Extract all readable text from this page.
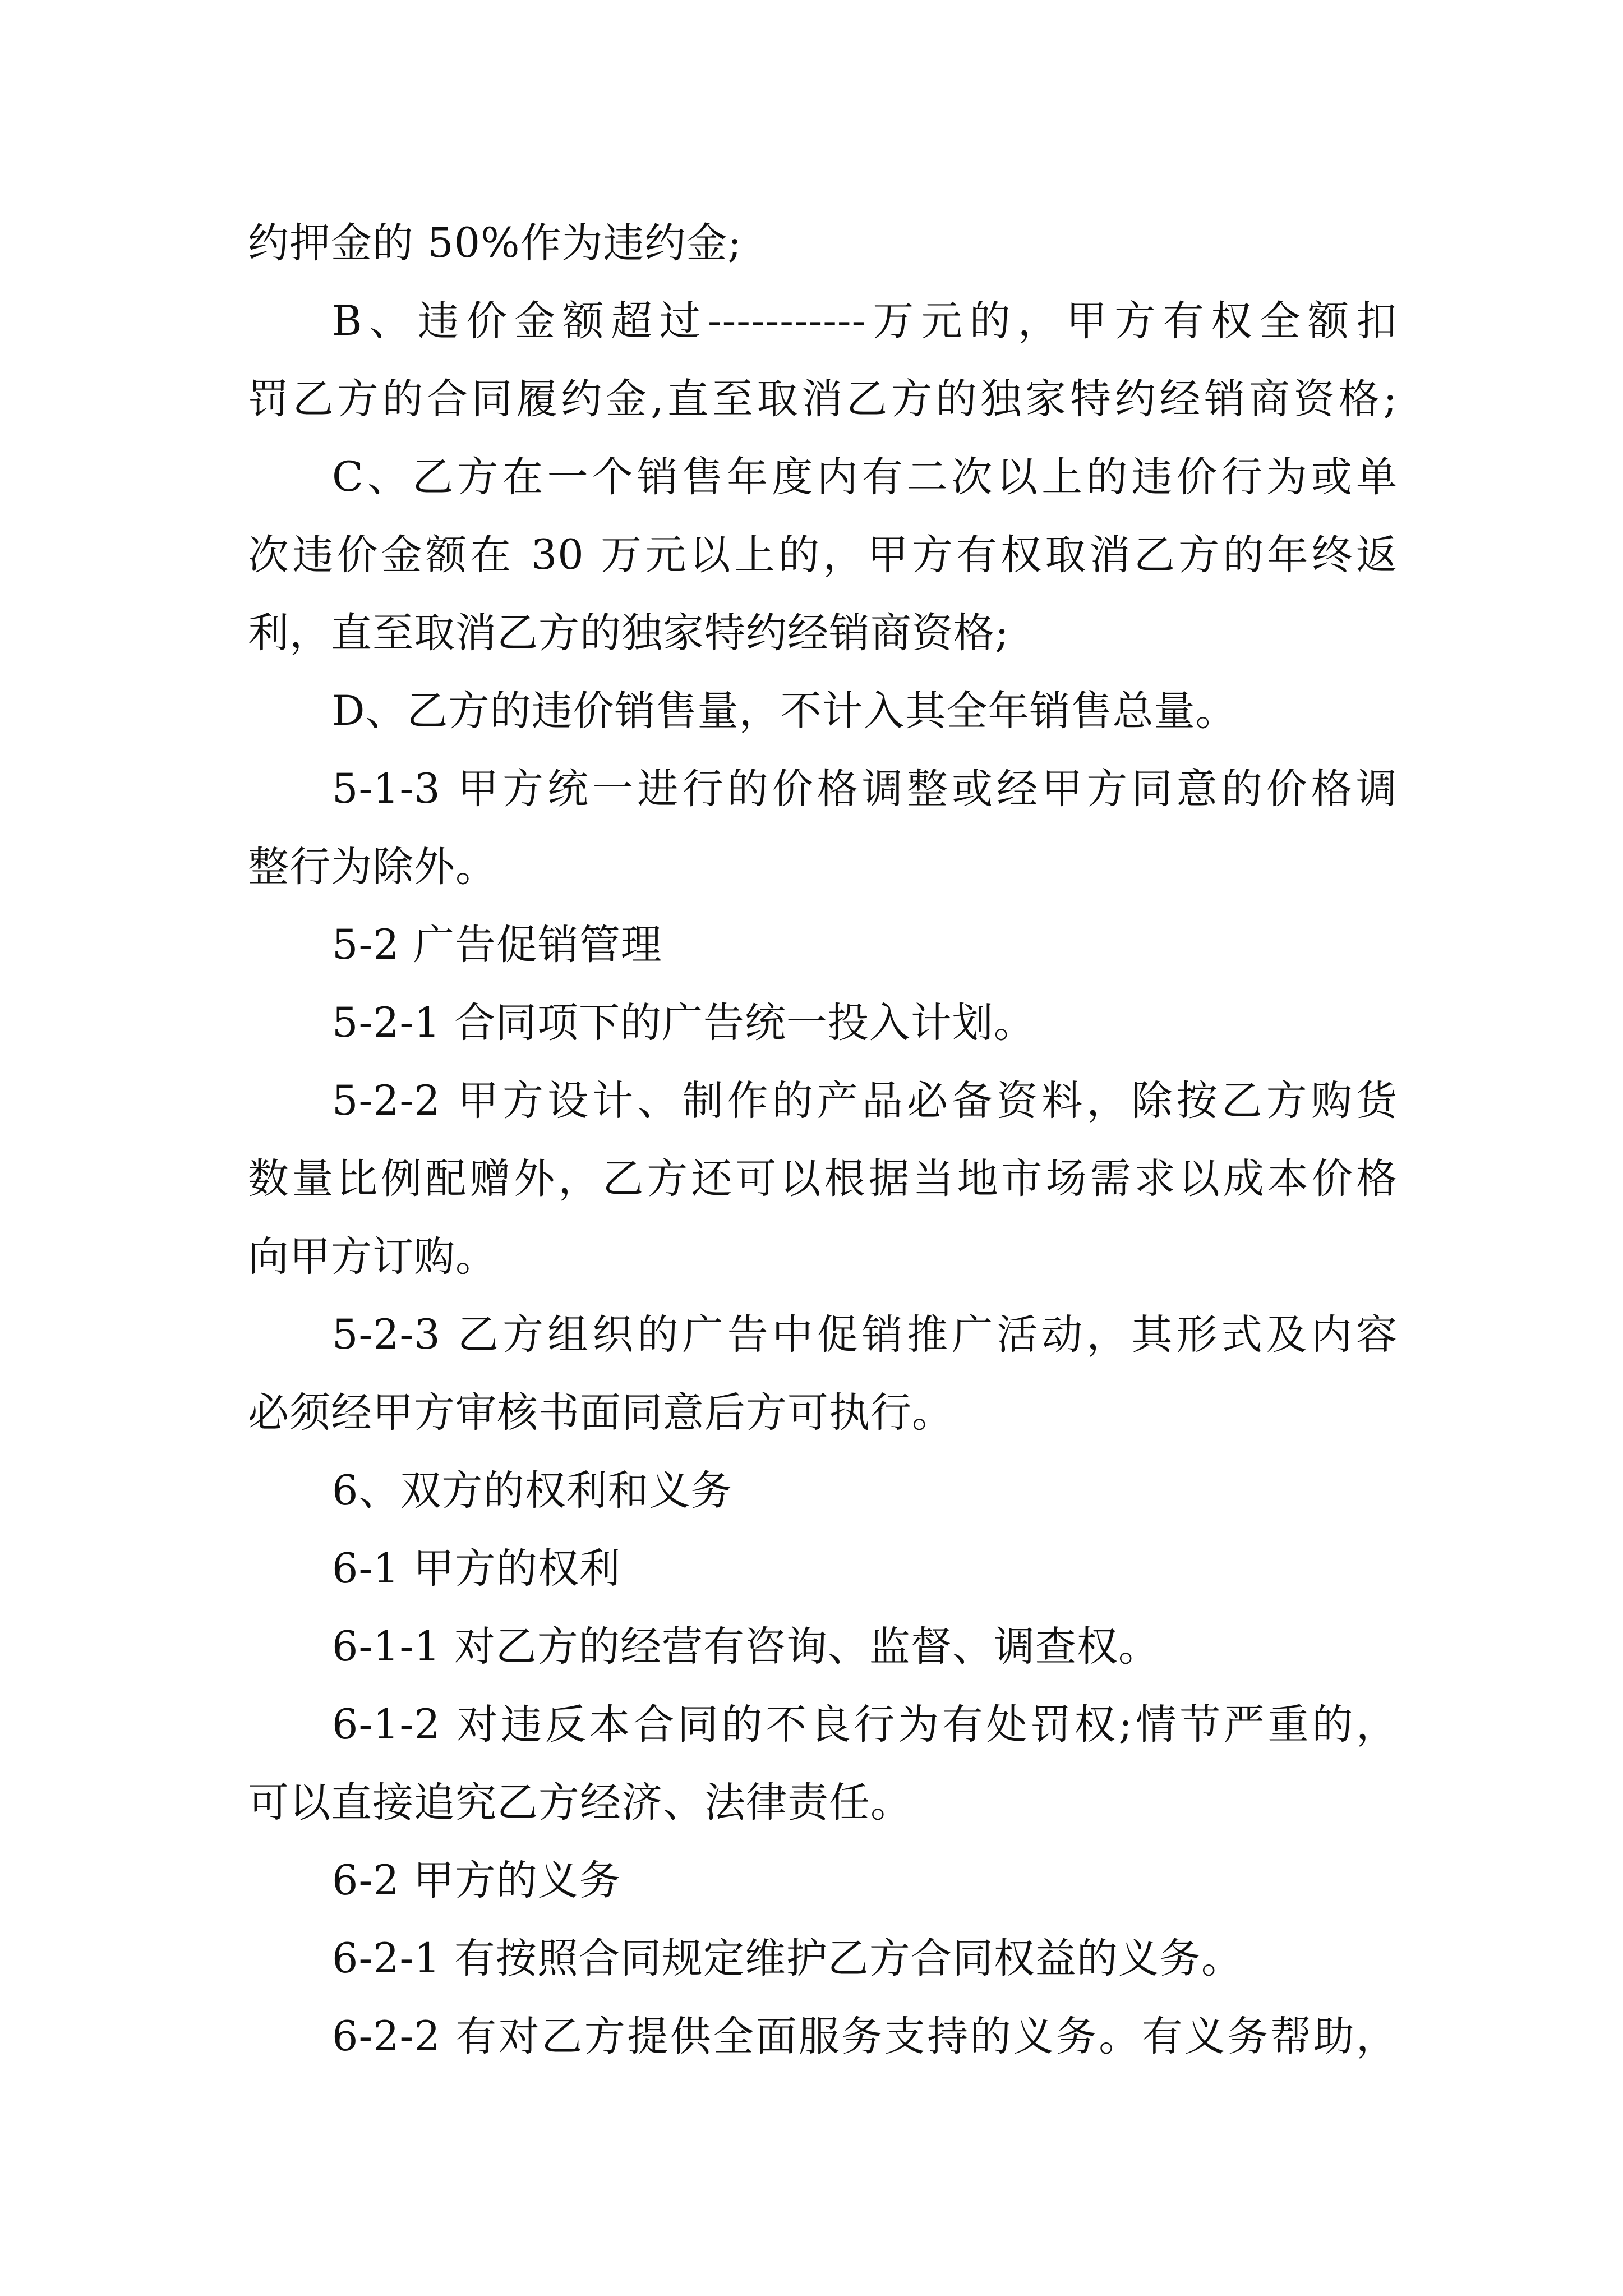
约押金的 50%作为违约金;
B、违价金额超过-----------万元的，甲方有权全额扣
罚乙方的合同履约金,直至取消乙方的独家特约经销商资格;
C、乙方在一个销售年度内有二次以上的违价行为或单
次违价金额在 30 万元以上的，甲方有权取消乙方的年终返
利，直至取消乙方的独家特约经销商资格;
D、乙方的违价销售量，不计入其全年销售总量。
5-1-3 甲方统一进行的价格调整或经甲方同意的价格调
整行为除外。
5-2 广告促销管理
5-2-1 合同项下的广告统一投入计划。
5-2-2 甲方设计、制作的产品必备资料，除按乙方购货
数量比例配赠外，乙方还可以根据当地市场需求以成本价格
向甲方订购。
5-2-3 乙方组织的广告中促销推广活动，其形式及内容
必须经甲方审核书面同意后方可执行。
6、双方的权利和义务
6-1 甲方的权利
6-1-1 对乙方的经营有咨询、监督、调查权。
6-1-2 对违反本合同的不良行为有处罚权;情节严重的，
可以直接追究乙方经济、法律责任。
6-2 甲方的义务
6-2-1 有按照合同规定维护乙方合同权益的义务。
6-2-2 有对乙方提供全面服务支持的义务。有义务帮助，
